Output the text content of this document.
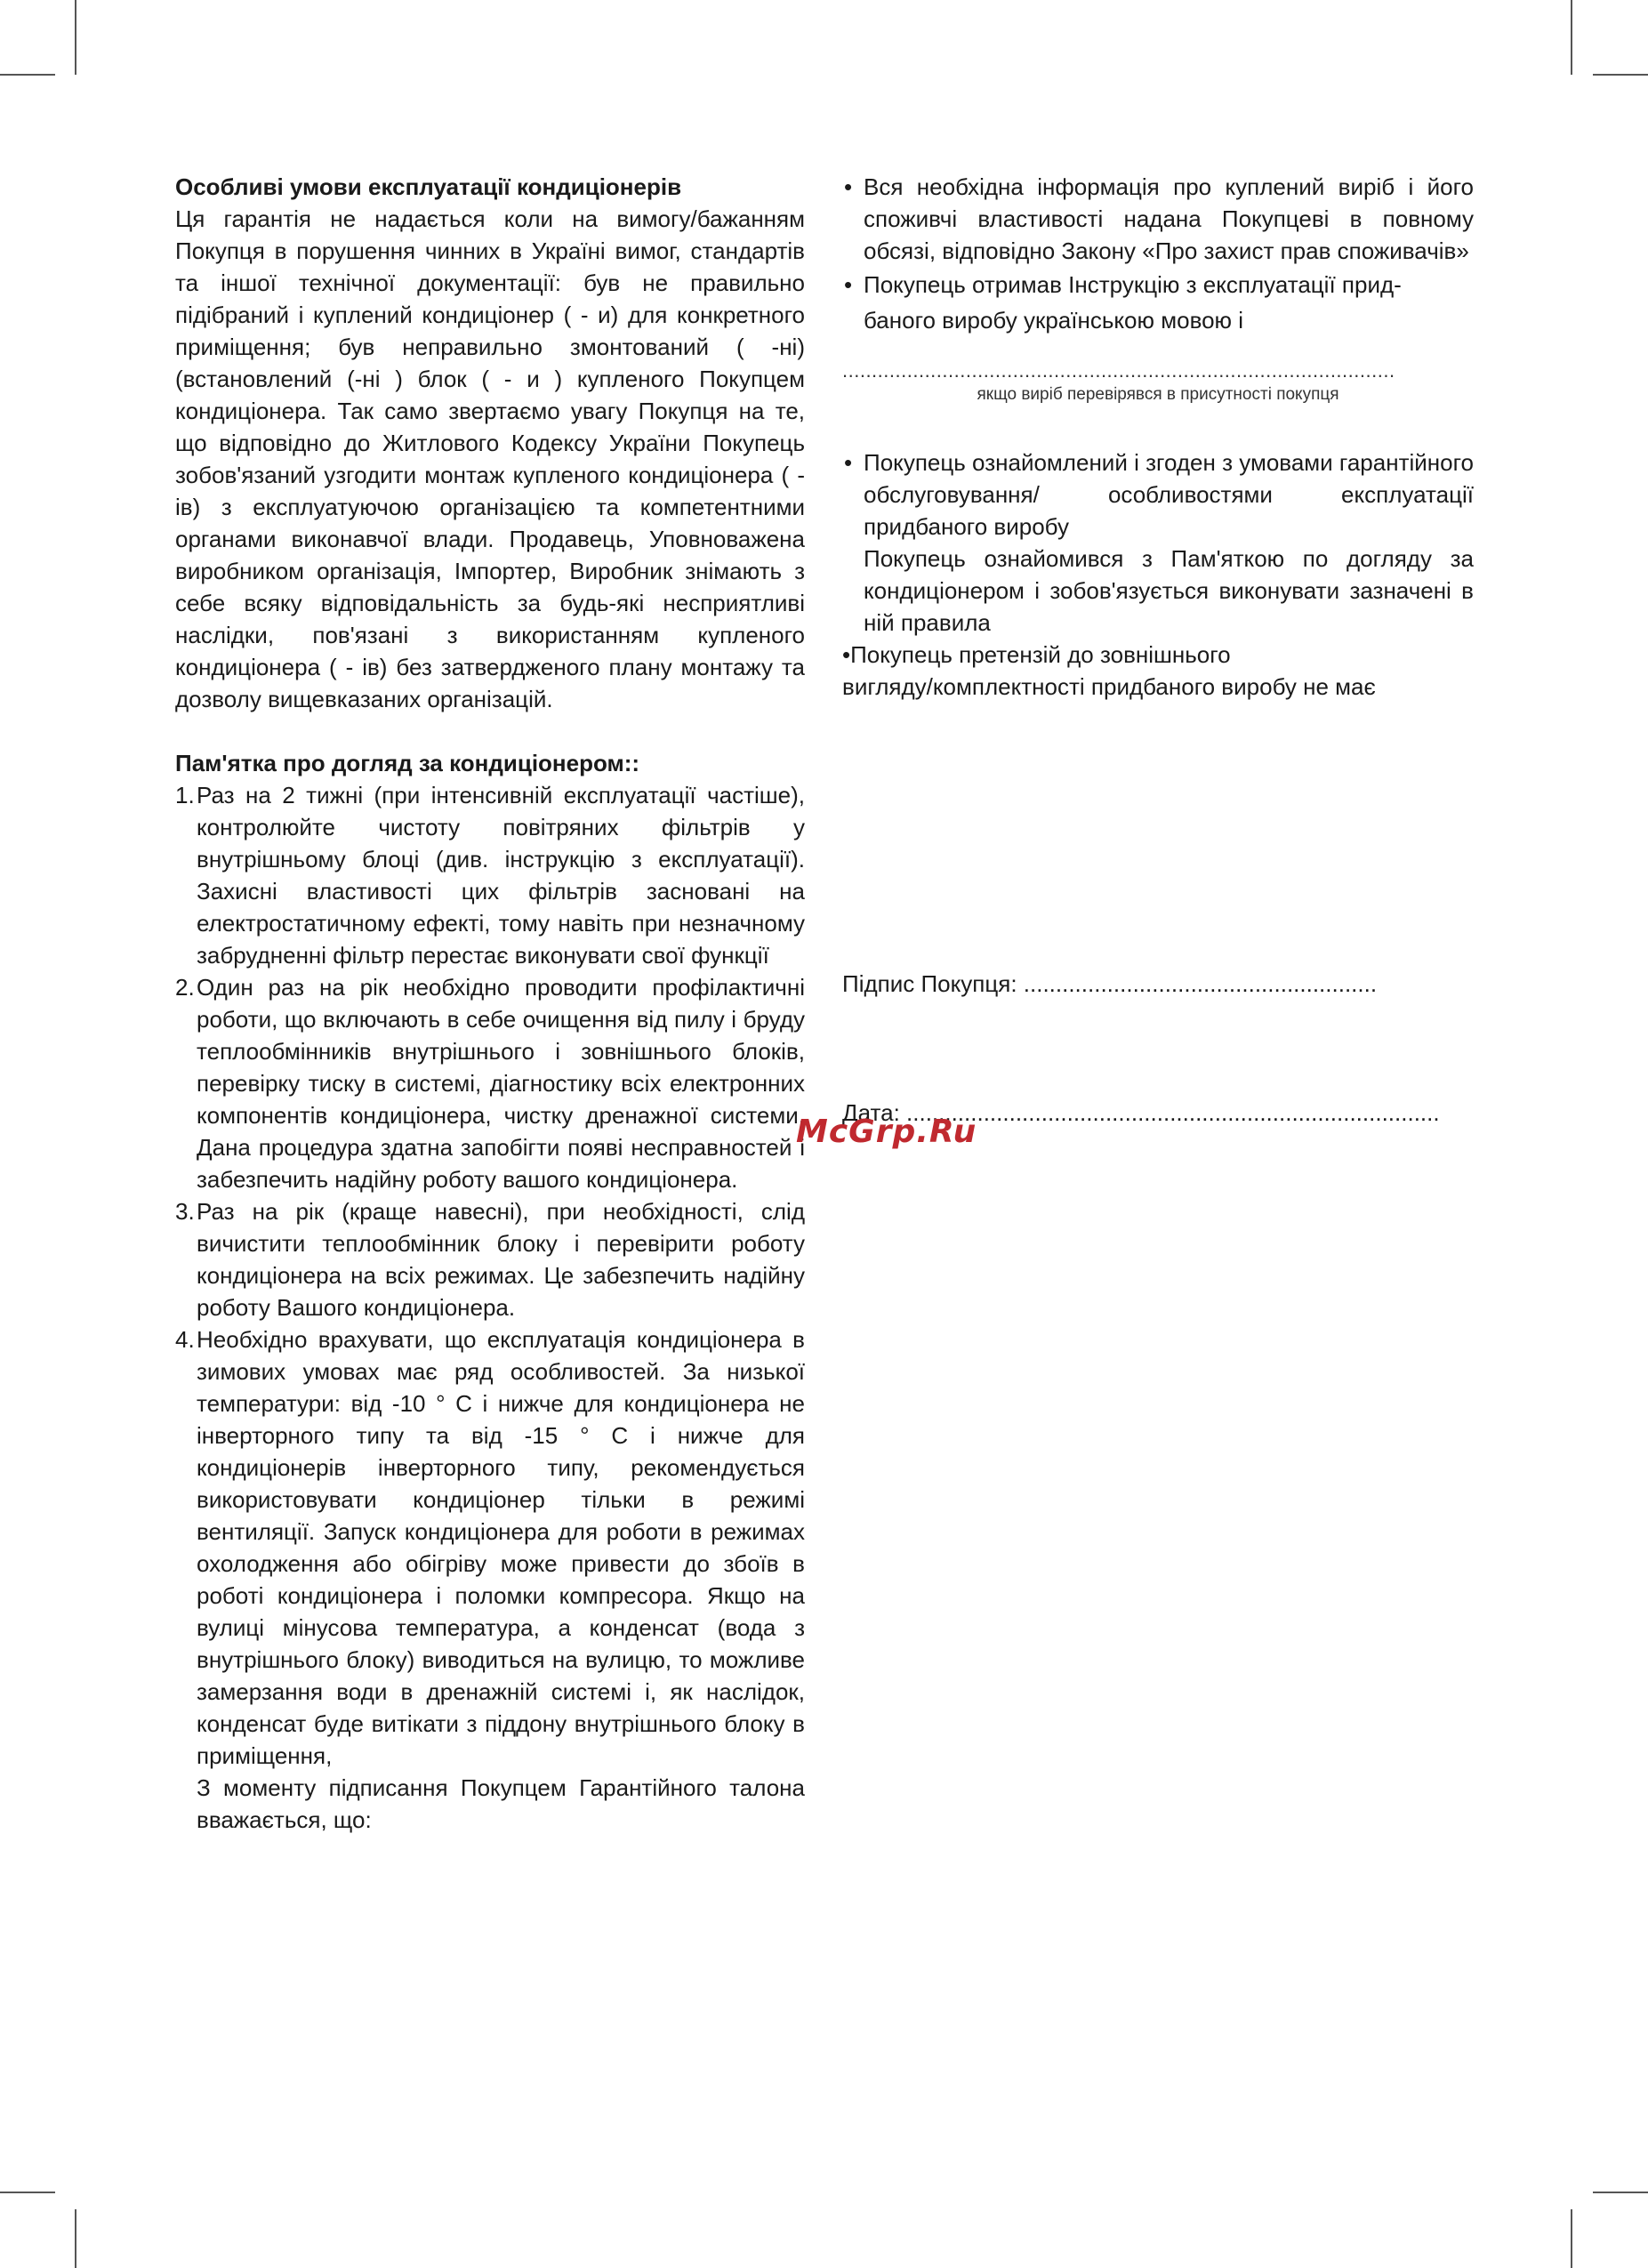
Особливі умови експлуатації кондиціонерів

Ця гарантія не надається коли на вимогу/бажанням Покупця в порушення чинних в Україні вимог, стандартів та іншої технічної документації: був не правильно підібраний і куплений кондиціонер ( - и) для конкретного приміщення; був неправильно змонтований ( -ні) (встановлений (-ні ) блок ( - и ) купленого Покупцем кондиціонера. Так само звертаємо увагу Покупця на те, що відповідно до Житлового Кодексу України Покупець зобов'язаний узгодити монтаж купленого кондиціонера ( - ів) з експлуатуючою організацією та компетентними органами виконавчої влади. Продавець, Уповноважена виробником організація, Імпортер, Виробник знімають з себе всяку відповідальність за будь-які несприятливі наслідки, пов'язані з використанням купленого кондиціонера ( - ів) без затвердженого плану монтажу та дозволу вищевказаних організацій.

Пам'ятка про догляд за кондиціонером::

1. Раз на 2 тижні (при інтенсивній експлуатації частіше), контролюйте чистоту повітряних фільтрів у внутрішньому блоці (див. інструкцію з експлуатації). Захисні властивості цих фільтрів засновані на електростатичному ефекті, тому навіть при незначному забрудненні фільтр перестає виконувати свої функції
2. Один раз на рік необхідно проводити профілактичні роботи, що включають в себе очищення від пилу і бруду теплообмінників внутрішнього і зовнішнього блоків, перевірку тиску в системі, діагностику всіх електронних компонентів кондиціонера, чистку дренажної системи. Дана процедура здатна запобігти появі несправностей і забезпечить надійну роботу вашого кондиціонера.
3. Раз на рік (краще навесні), при необхідності, слід вичистити теплообмінник блоку і перевірити роботу кондиціонера на всіх режимах. Це забезпечить надійну роботу Вашого кондиціонера.
4. Необхідно врахувати, що експлуатація кондиціонера в зимових умовах має ряд особливостей. За низької температури: від -10 ° С і нижче для кондиціонера не інверторного типу та від -15 ° С і нижче для кондиціонерів інверторного типу, рекомендується використовувати кондиціонер тільки в режимі вентиляції. Запуск кондиціонера для роботи в режимах охолодження або обігріву може привести до збоїв в роботі кондиціонера і поломки компресора. Якщо на вулиці мінусова температура, а конденсат (вода з внутрішнього блоку) виводиться на вулицю, то можливе замерзання води в дренажній системі і, як наслідок, конденсат буде витікати з піддону внутрішнього блоку в приміщення,

З моменту підписання Покупцем Гарантійного талона вважається, що:

• Вся необхідна інформація про куплений виріб і його споживчі властивості надана Покупцеві в повному обсязі, відповідно Закону «Про захист прав споживачів»
• Покупець отримав Інструкцію з експлуатації прид-
баного виробу українською мовою і
..............................................................................................
якщо виріб перевірявся в присутності покупця
• Покупець ознайомлений і згоден з умовами гарантійного обслуговування/ особливостями експлуатації придбаного виробу
Покупець ознайомився з Пам'яткою по догляду за кондиціонером і зобов'язується виконувати зазначені в ній правила
•Покупець претензій до зовнішнього
вигляду/комплектності придбаного виробу не має
Підпис Покупця: .......................................................
Дата: ...................................................................................
McGrp.Ru
